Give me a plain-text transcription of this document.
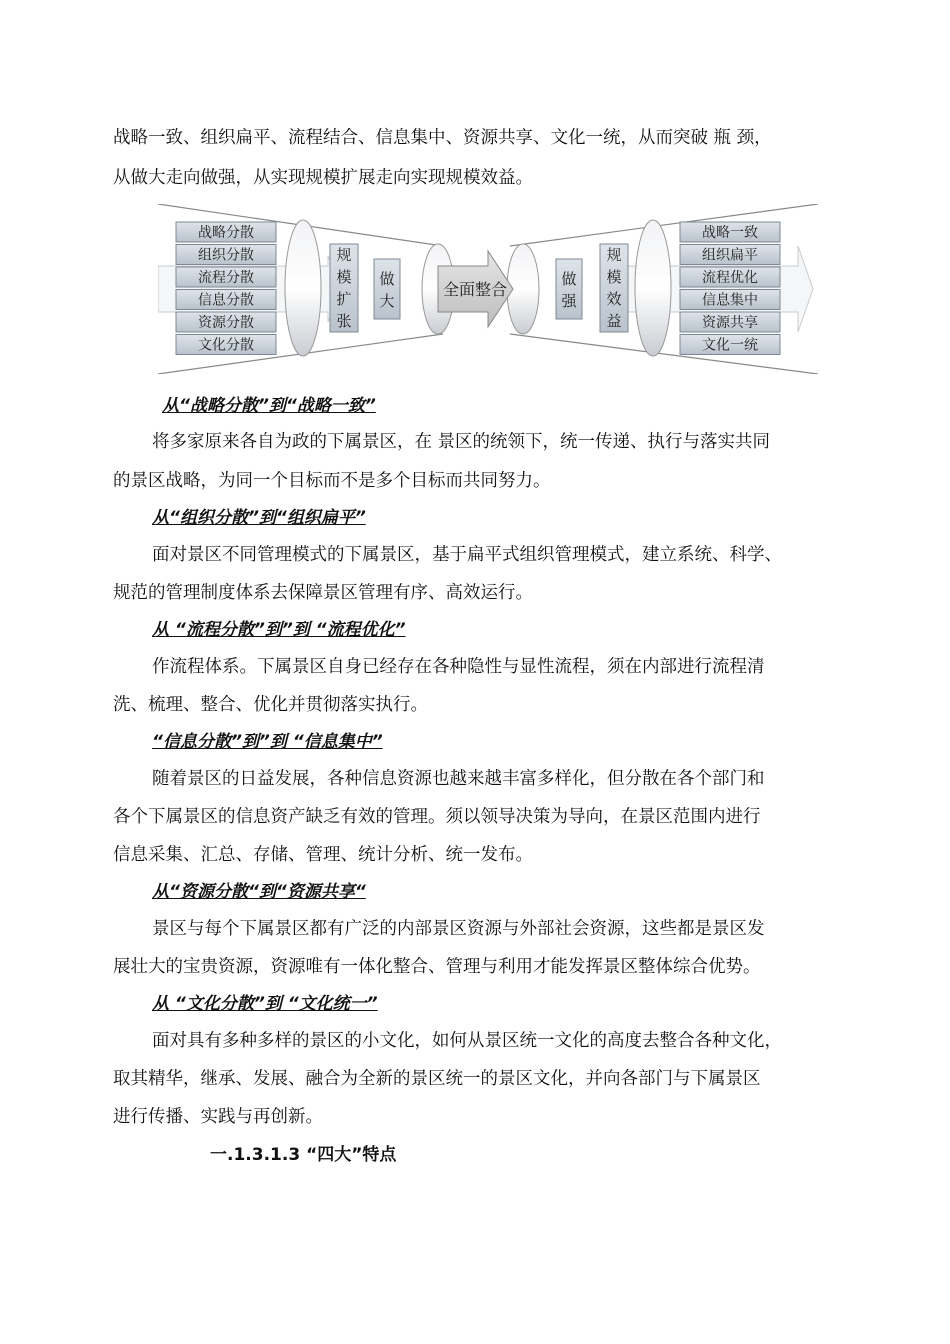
战略一致、组织扁平、流程结合、信息集中、资源共享、文化一统，从而突破 瓶 颈，
从做大走向做强，从实现规模扩展走向实现规模效益。
战略分散
组织分散
流程分散
信息分散
资源分散
文化分散
战略一致
组织扁平
流程优化
信息集中
资源共享
文化一统
规
模
扩
张
做
大
全面整合
做
强
规
模
效
益
从“战略分散”到“战略一致”
将多家原来各自为政的下属景区，在 景区的统领下，统一传递、执行与落实共同
的景区战略，为同一个目标而不是多个目标而共同努力。
从“组织分散”到“组织扁平”
面对景区不同管理模式的下属景区，基于扁平式组织管理模式，建立系统、科学、
规范的管理制度体系去保障景区管理有序、高效运行。
从 “流程分散”到”到 “流程优化”
作流程体系。下属景区自身已经存在各种隐性与显性流程，须在内部进行流程清
洗、梳理、整合、优化并贯彻落实执行。
“信息分散”到”到 “信息集中”
随着景区的日益发展，各种信息资源也越来越丰富多样化，但分散在各个部门和
各个下属景区的信息资产缺乏有效的管理。须以领导决策为导向，在景区范围内进行
信息采集、汇总、存储、管理、统计分析、统一发布。
从“资源分散“到“资源共享“
景区与每个下属景区都有广泛的内部景区资源与外部社会资源，这些都是景区发
展壮大的宝贵资源，资源唯有一体化整合、管理与利用才能发挥景区整体综合优势。
从 “文化分散”到 “文化统一”
面对具有多种多样的景区的小文化，如何从景区统一文化的高度去整合各种文化，
取其精华，继承、发展、融合为全新的景区统一的景区文化，并向各部门与下属景区
进行传播、实践与再创新。
一.1.3.1.3 “四大”特点
